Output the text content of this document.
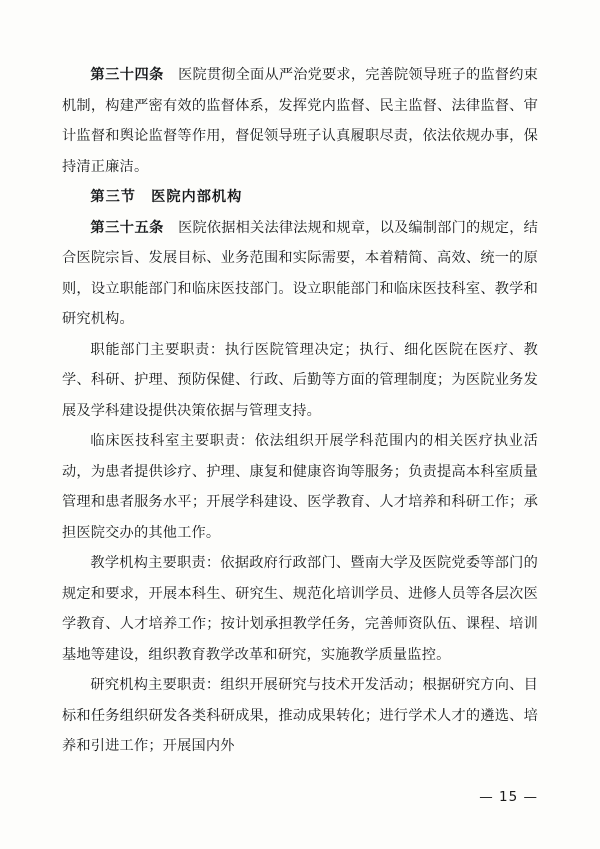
第三十四条 医院贯彻全面从严治党要求，完善院领导班子的监督约束机制，构建严密有效的监督体系，发挥党内监督、民主监督、法律监督、审计监督和舆论监督等作用，督促领导班子认真履职尽责，依法依规办事，保持清正廉洁。

第三节　医院内部机构

第三十五条 医院依据相关法律法规和规章，以及编制部门的规定，结合医院宗旨、发展目标、业务范围和实际需要，本着精简、高效、统一的原则，设立职能部门和临床医技部门。设立职能部门和临床医技科室、教学和研究机构。

职能部门主要职责：执行医院管理决定；执行、细化医院在医疗、教学、科研、护理、预防保健、行政、后勤等方面的管理制度；为医院业务发展及学科建设提供决策依据与管理支持。

临床医技科室主要职责：依法组织开展学科范围内的相关医疗执业活动，为患者提供诊疗、护理、康复和健康咨询等服务；负责提高本科室质量管理和患者服务水平；开展学科建设、医学教育、人才培养和科研工作；承担医院交办的其他工作。

教学机构主要职责：依据政府行政部门、暨南大学及医院党委等部门的规定和要求，开展本科生、研究生、规范化培训学员、进修人员等各层次医学教育、人才培养工作；按计划承担教学任务，完善师资队伍、课程、培训基地等建设，组织教育教学改革和研究，实施教学质量监控。

研究机构主要职责：组织开展研究与技术开发活动；根据研究方向、目标和任务组织研发各类科研成果，推动成果转化；进行学术人才的遴选、培养和引进工作；开展国内外

— 15 —
